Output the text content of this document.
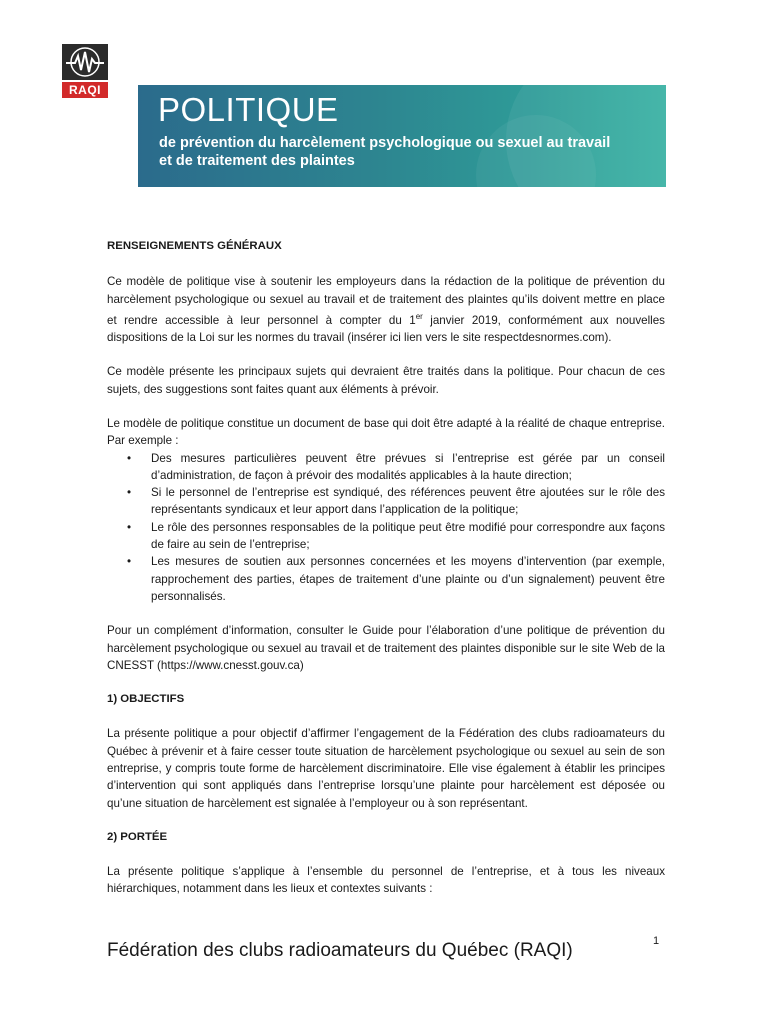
RAQI
POLITIQUE
de prévention du harcèlement psychologique ou sexuel au travail
et de traitement des plaintes
RENSEIGNEMENTS GÉNÉRAUX

Ce modèle de politique vise à soutenir les employeurs dans la rédaction de la politique de prévention du harcèlement psychologique ou sexuel au travail et de traitement des plaintes qu’ils doivent mettre en place et rendre accessible à leur personnel à compter du 1er janvier 2019, conformément aux nouvelles dispositions de la Loi sur les normes du travail (insérer ici lien vers le site respectdesnormes.com).

Ce modèle présente les principaux sujets qui devraient être traités dans la politique. Pour chacun de ces sujets, des suggestions sont faites quant aux éléments à prévoir.

Le modèle de politique constitue un document de base qui doit être adapté à la réalité de chaque entreprise. Par exemple :

• Des mesures particulières peuvent être prévues si l’entreprise est gérée par un conseil d’administration, de façon à prévoir des modalités applicables à la haute direction;
• Si le personnel de l’entreprise est syndiqué, des références peuvent être ajoutées sur le rôle des représentants syndicaux et leur apport dans l’application de la politique;
• Le rôle des personnes responsables de la politique peut être modifié pour correspondre aux façons de faire au sein de l’entreprise;
• Les mesures de soutien aux personnes concernées et les moyens d’intervention (par exemple, rapprochement des parties, étapes de traitement d’une plainte ou d’un signalement) peuvent être personnalisés.

Pour un complément d’information, consulter le Guide pour l’élaboration d’une politique de prévention du harcèlement psychologique ou sexuel au travail et de traitement des plaintes disponible sur le site Web de la CNESST (https://www.cnesst.gouv.ca)

1) OBJECTIFS

La présente politique a pour objectif d’affirmer l’engagement de la Fédération des clubs radioamateurs du Québec à prévenir et à faire cesser toute situation de harcèlement psychologique ou sexuel au sein de son entreprise, y compris toute forme de harcèlement discriminatoire. Elle vise également à établir les principes d’intervention qui sont appliqués dans l’entreprise lorsqu’une plainte pour harcèlement est déposée ou qu’une situation de harcèlement est signalée à l’employeur ou à son représentant.

2) PORTÉE

La présente politique s’applique à l’ensemble du personnel de l’entreprise, et à tous les niveaux hiérarchiques, notamment dans les lieux et contextes suivants :

1
Fédération des clubs radioamateurs du Québec (RAQI)
